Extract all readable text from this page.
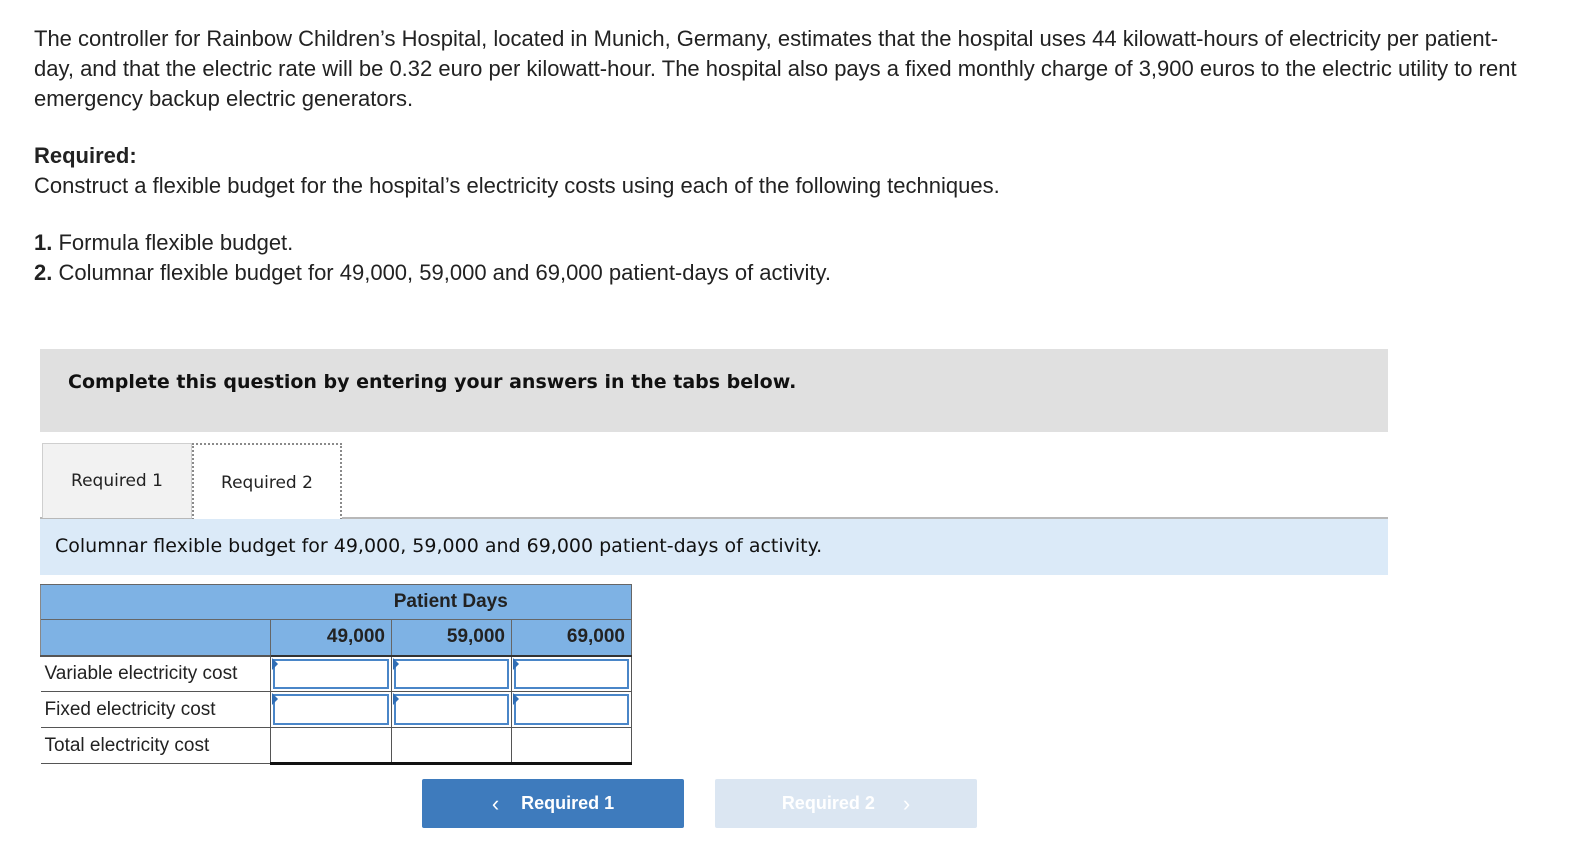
The controller for Rainbow Children’s Hospital, located in Munich, Germany, estimates that the hospital uses 44 kilowatt-hours of electricity per patient-day, and that the electric rate will be 0.32 euro per kilowatt-hour. The hospital also pays a fixed monthly charge of 3,900 euros to the electric utility to rent emergency backup electric generators.

Required:

Construct a flexible budget for the hospital’s electricity costs using each of the following techniques.

1. Formula flexible budget.
2. Columnar flexible budget for 49,000, 59,000 and 69,000 patient-days of activity.
Complete this question by entering your answers in the tabs below.
Required 1	Required 2
Columnar flexible budget for 49,000, 59,000 and 69,000 patient-days of activity.
	Patient Days		
	49,000	59,000	69,000
Variable electricity cost	

Fixed electricity cost	

Total electricity cost			
‹ Required 1	Required 2 ›
